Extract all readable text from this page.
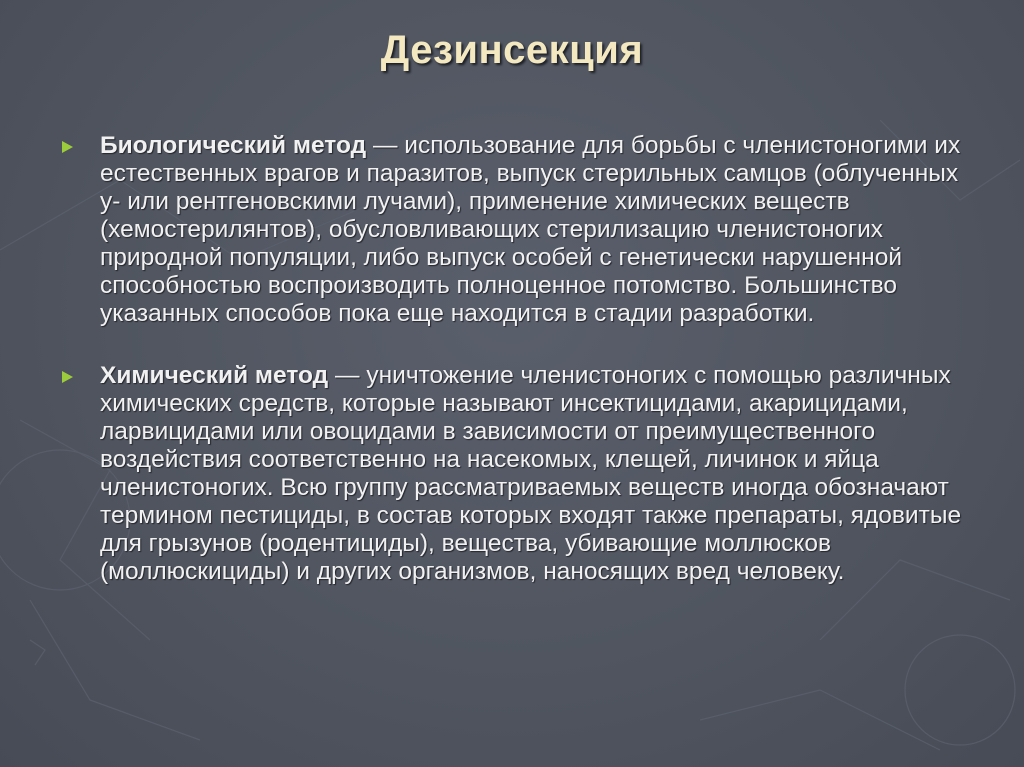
Дезинсекция
Биологический метод — использование для борьбы с членистоногими их естественных врагов и паразитов, выпуск стерильных самцов (облученных у- или рентгеновскими лучами), применение химических веществ (хемостерилянтов), обусловливающих стерилизацию членистоногих природной популяции, либо выпуск особей с генетически нарушенной способностью воспроизводить полноценное потомство. Большинство указанных способов пока еще находится в стадии разработки.
Химический метод — уничтожение членистоногих с помощью различных химических средств, которые называют инсектицидами, акарицидами, ларвицидами или овоцидами в зависимости от преимущественного воздействия соответственно на насекомых, клещей, личинок и яйца членистоногих. Всю группу рассматриваемых веществ иногда обозначают термином пестициды, в состав которых входят также препараты, ядовитые для грызунов (родентициды), вещества, убивающие моллюсков (моллюскициды) и других организмов, наносящих вред человеку.
